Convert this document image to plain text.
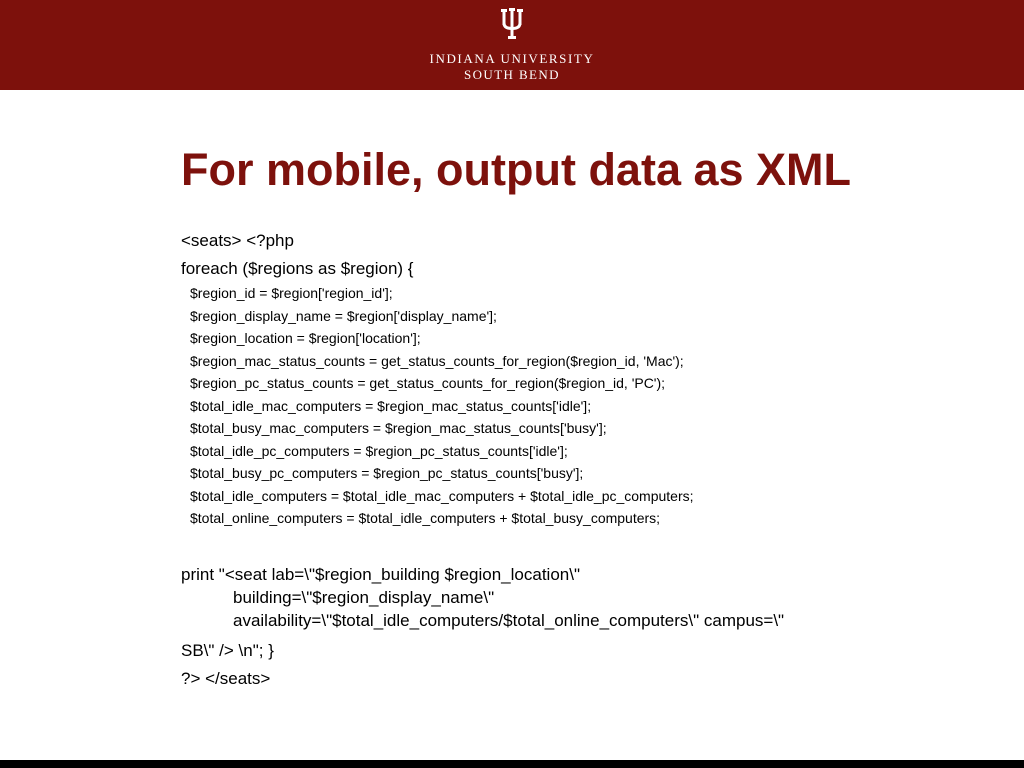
INDIANA UNIVERSITY
SOUTH BEND
For mobile, output data as XML
<seats> <?php
foreach ($regions as $region) {
$region_id = $region['region_id'];
$region_display_name = $region['display_name'];
$region_location = $region['location'];
$region_mac_status_counts = get_status_counts_for_region($region_id, 'Mac');
$region_pc_status_counts = get_status_counts_for_region($region_id, 'PC');
$total_idle_mac_computers = $region_mac_status_counts['idle'];
$total_busy_mac_computers = $region_mac_status_counts['busy'];
$total_idle_pc_computers = $region_pc_status_counts['idle'];
$total_busy_pc_computers = $region_pc_status_counts['busy'];
$total_idle_computers = $total_idle_mac_computers + $total_idle_pc_computers;
$total_online_computers = $total_idle_computers + $total_busy_computers;
print "<seat lab=\"$region_building $region_location\"
building=\"$region_display_name\"
availability=\"$total_idle_computers/$total_online_computers\" campus=\"
SB\" /> \n"; }
?> </seats>
